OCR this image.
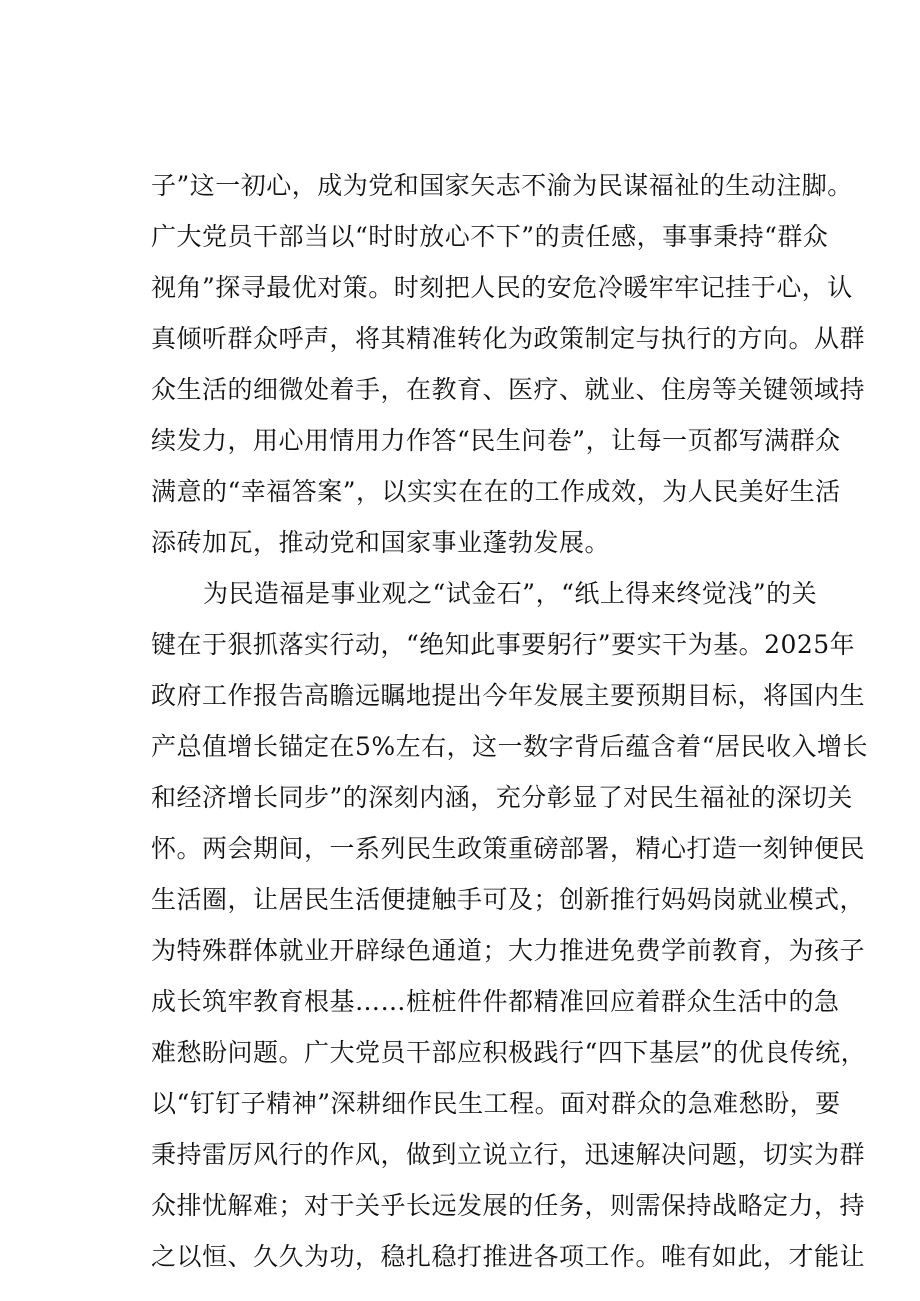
子”这一初心，成为党和国家矢志不渝为民谋福祉的生动注脚。
广大党员干部当以“时时放心不下”的责任感，事事秉持“群众
视角”探寻最优对策。时刻把人民的安危冷暖牢牢记挂于心，认
真倾听群众呼声，将其精准转化为政策制定与执行的方向。从群
众生活的细微处着手，在教育、医疗、就业、住房等关键领域持
续发力，用心用情用力作答“民生问卷”，让每一页都写满群众
满意的“幸福答案”，以实实在在的工作成效，为人民美好生活
添砖加瓦，推动党和国家事业蓬勃发展。
为民造福是事业观之“试金石”，“纸上得来终觉浅”的关
键在于狠抓落实行动，“绝知此事要躬行”要实干为基。2025年
政府工作报告高瞻远瞩地提出今年发展主要预期目标，将国内生
产总值增长锚定在5%左右，这一数字背后蕴含着“居民收入增长
和经济增长同步”的深刻内涵，充分彰显了对民生福祉的深切关
怀。两会期间，一系列民生政策重磅部署，精心打造一刻钟便民
生活圈，让居民生活便捷触手可及；创新推行妈妈岗就业模式，
为特殊群体就业开辟绿色通道；大力推进免费学前教育，为孩子
成长筑牢教育根基……桩桩件件都精准回应着群众生活中的急
难愁盼问题。广大党员干部应积极践行“四下基层”的优良传统，
以“钉钉子精神”深耕细作民生工程。面对群众的急难愁盼，要
秉持雷厉风行的作风，做到立说立行，迅速解决问题，切实为群
众排忧解难；对于关乎长远发展的任务，则需保持战略定力，持
之以恒、久久为功，稳扎稳打推进各项工作。唯有如此，才能让
